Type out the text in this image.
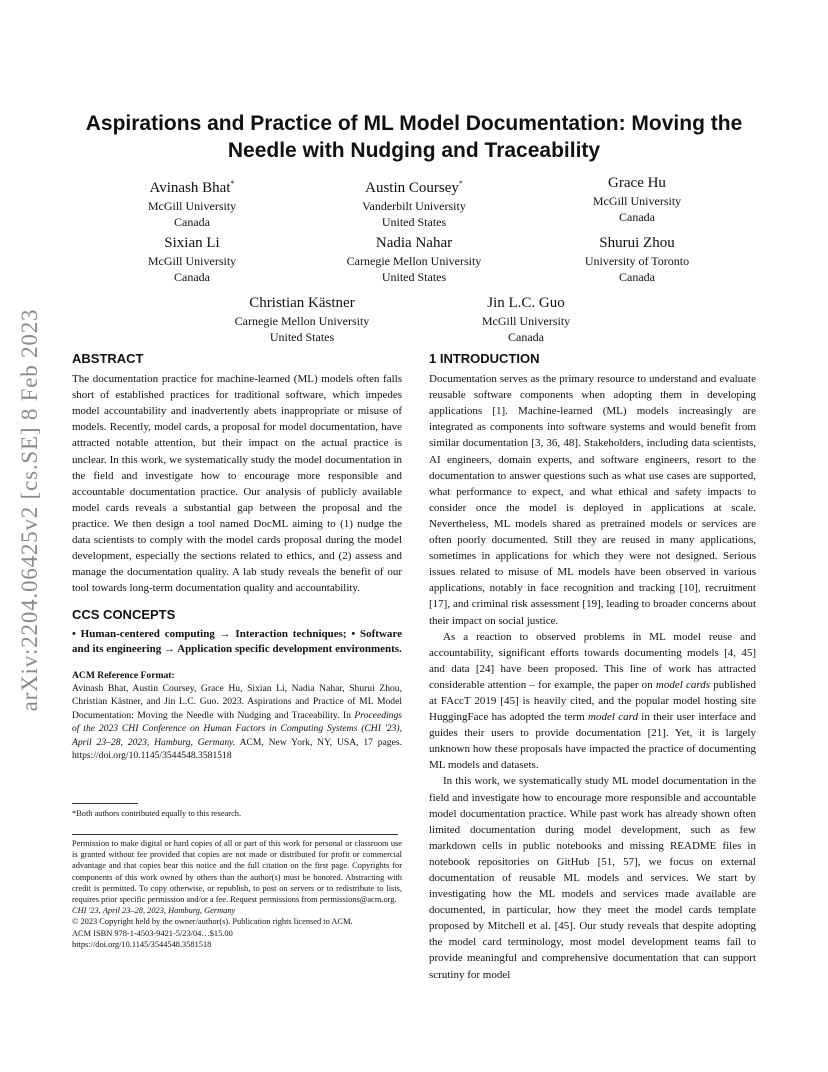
arXiv:2204.06425v2 [cs.SE] 8 Feb 2023
Aspirations and Practice of ML Model Documentation: Moving the Needle with Nudging and Traceability
Avinash Bhat*
McGill University
Canada
Austin Coursey*
Vanderbilt University
United States
Grace Hu
McGill University
Canada
Sixian Li
McGill University
Canada
Nadia Nahar
Carnegie Mellon University
United States
Shurui Zhou
University of Toronto
Canada
Christian Kästner
Carnegie Mellon University
United States
Jin L.C. Guo
McGill University
Canada
ABSTRACT

The documentation practice for machine-learned (ML) models often falls short of established practices for traditional software, which impedes model accountability and inadvertently abets inappropriate or misuse of models. Recently, model cards, a proposal for model documentation, have attracted notable attention, but their impact on the actual practice is unclear. In this work, we systematically study the model documentation in the field and investigate how to encourage more responsible and accountable documentation practice. Our analysis of publicly available model cards reveals a substantial gap between the proposal and the practice. We then design a tool named DocML aiming to (1) nudge the data scientists to comply with the model cards proposal during the model development, especially the sections related to ethics, and (2) assess and manage the documentation quality. A lab study reveals the benefit of our tool towards long-term documentation quality and accountability.

CCS CONCEPTS

• Human-centered computing → Interaction techniques; • Software and its engineering → Application specific development environments.

ACM Reference Format:

Avinash Bhat, Austin Coursey, Grace Hu, Sixian Li, Nadia Nahar, Shurui Zhou, Christian Kästner, and Jin L.C. Guo. 2023. Aspirations and Practice of ML Model Documentation: Moving the Needle with Nudging and Traceability. In Proceedings of the 2023 CHI Conference on Human Factors in Computing Systems (CHI '23), April 23–28, 2023, Hamburg, Germany. ACM, New York, NY, USA, 17 pages. https://doi.org/10.1145/3544548.3581518

*Both authors contributed equally to this research.

Permission to make digital or hard copies of all or part of this work for personal or classroom use is granted without fee provided that copies are not made or distributed for profit or commercial advantage and that copies bear this notice and the full citation on the first page. Copyrights for components of this work owned by others than the author(s) must be honored. Abstracting with credit is permitted. To copy otherwise, or republish, to post on servers or to redistribute to lists, requires prior specific permission and/or a fee. Request permissions from permissions@acm.org.

CHI '23, April 23–28, 2023, Hamburg, Germany

© 2023 Copyright held by the owner/author(s). Publication rights licensed to ACM.

ACM ISBN 978-1-4503-9421-5/23/04…$15.00

https://doi.org/10.1145/3544548.3581518

1 INTRODUCTION

Documentation serves as the primary resource to understand and evaluate reusable software components when adopting them in developing applications [1]. Machine-learned (ML) models increasingly are integrated as components into software systems and would benefit from similar documentation [3, 36, 48]. Stakeholders, including data scientists, AI engineers, domain experts, and software engineers, resort to the documentation to answer questions such as what use cases are supported, what performance to expect, and what ethical and safety impacts to consider once the model is deployed in applications at scale. Nevertheless, ML models shared as pretrained models or services are often poorly documented. Still they are reused in many applications, sometimes in applications for which they were not designed. Serious issues related to misuse of ML models have been observed in various applications, notably in face recognition and tracking [10], recruitment [17], and criminal risk assessment [19], leading to broader concerns about their impact on social justice.

As a reaction to observed problems in ML model reuse and accountability, significant efforts towards documenting models [4, 45] and data [24] have been proposed. This line of work has attracted considerable attention – for example, the paper on model cards published at FAccT 2019 [45] is heavily cited, and the popular model hosting site HuggingFace has adopted the term model card in their user interface and guides their users to provide documentation [21]. Yet, it is largely unknown how these proposals have impacted the practice of documenting ML models and datasets.

In this work, we systematically study ML model documentation in the field and investigate how to encourage more responsible and accountable model documentation practice. While past work has already shown often limited documentation during model development, such as few markdown cells in public notebooks and missing README files in notebook repositories on GitHub [51, 57], we focus on external documentation of reusable ML models and services. We start by investigating how the ML models and services made available are documented, in particular, how they meet the model cards template proposed by Mitchell et al. [45]. Our study reveals that despite adopting the model card terminology, most model development teams fail to provide meaningful and comprehensive documentation that can support scrutiny for model
